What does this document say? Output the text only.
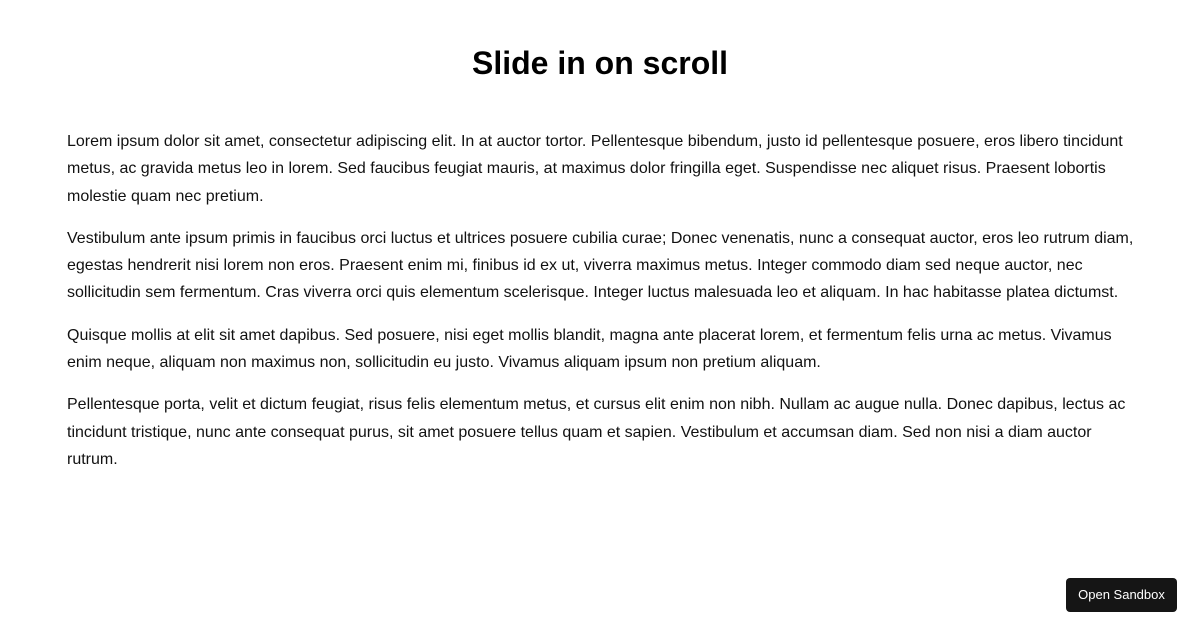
Slide in on scroll

Lorem ipsum dolor sit amet, consectetur adipiscing elit. In at auctor tortor. Pellentesque bibendum, justo id pellentesque posuere, eros libero tincidunt metus, ac gravida metus leo in lorem. Sed faucibus feugiat mauris, at maximus dolor fringilla eget. Suspendisse nec aliquet risus. Praesent lobortis molestie quam nec pretium.

Vestibulum ante ipsum primis in faucibus orci luctus et ultrices posuere cubilia curae; Donec venenatis, nunc a consequat auctor, eros leo rutrum diam, egestas hendrerit nisi lorem non eros. Praesent enim mi, finibus id ex ut, viverra maximus metus. Integer commodo diam sed neque auctor, nec sollicitudin sem fermentum. Cras viverra orci quis elementum scelerisque. Integer luctus malesuada leo et aliquam. In hac habitasse platea dictumst.

Quisque mollis at elit sit amet dapibus. Sed posuere, nisi eget mollis blandit, magna ante placerat lorem, et fermentum felis urna ac metus. Vivamus enim neque, aliquam non maximus non, sollicitudin eu justo. Vivamus aliquam ipsum non pretium aliquam.

Pellentesque porta, velit et dictum feugiat, risus felis elementum metus, et cursus elit enim non nibh. Nullam ac augue nulla. Donec dapibus, lectus ac tincidunt tristique, nunc ante consequat purus, sit amet posuere tellus quam et sapien. Vestibulum et accumsan diam. Sed non nisi a diam auctor rutrum.

Open Sandbox
